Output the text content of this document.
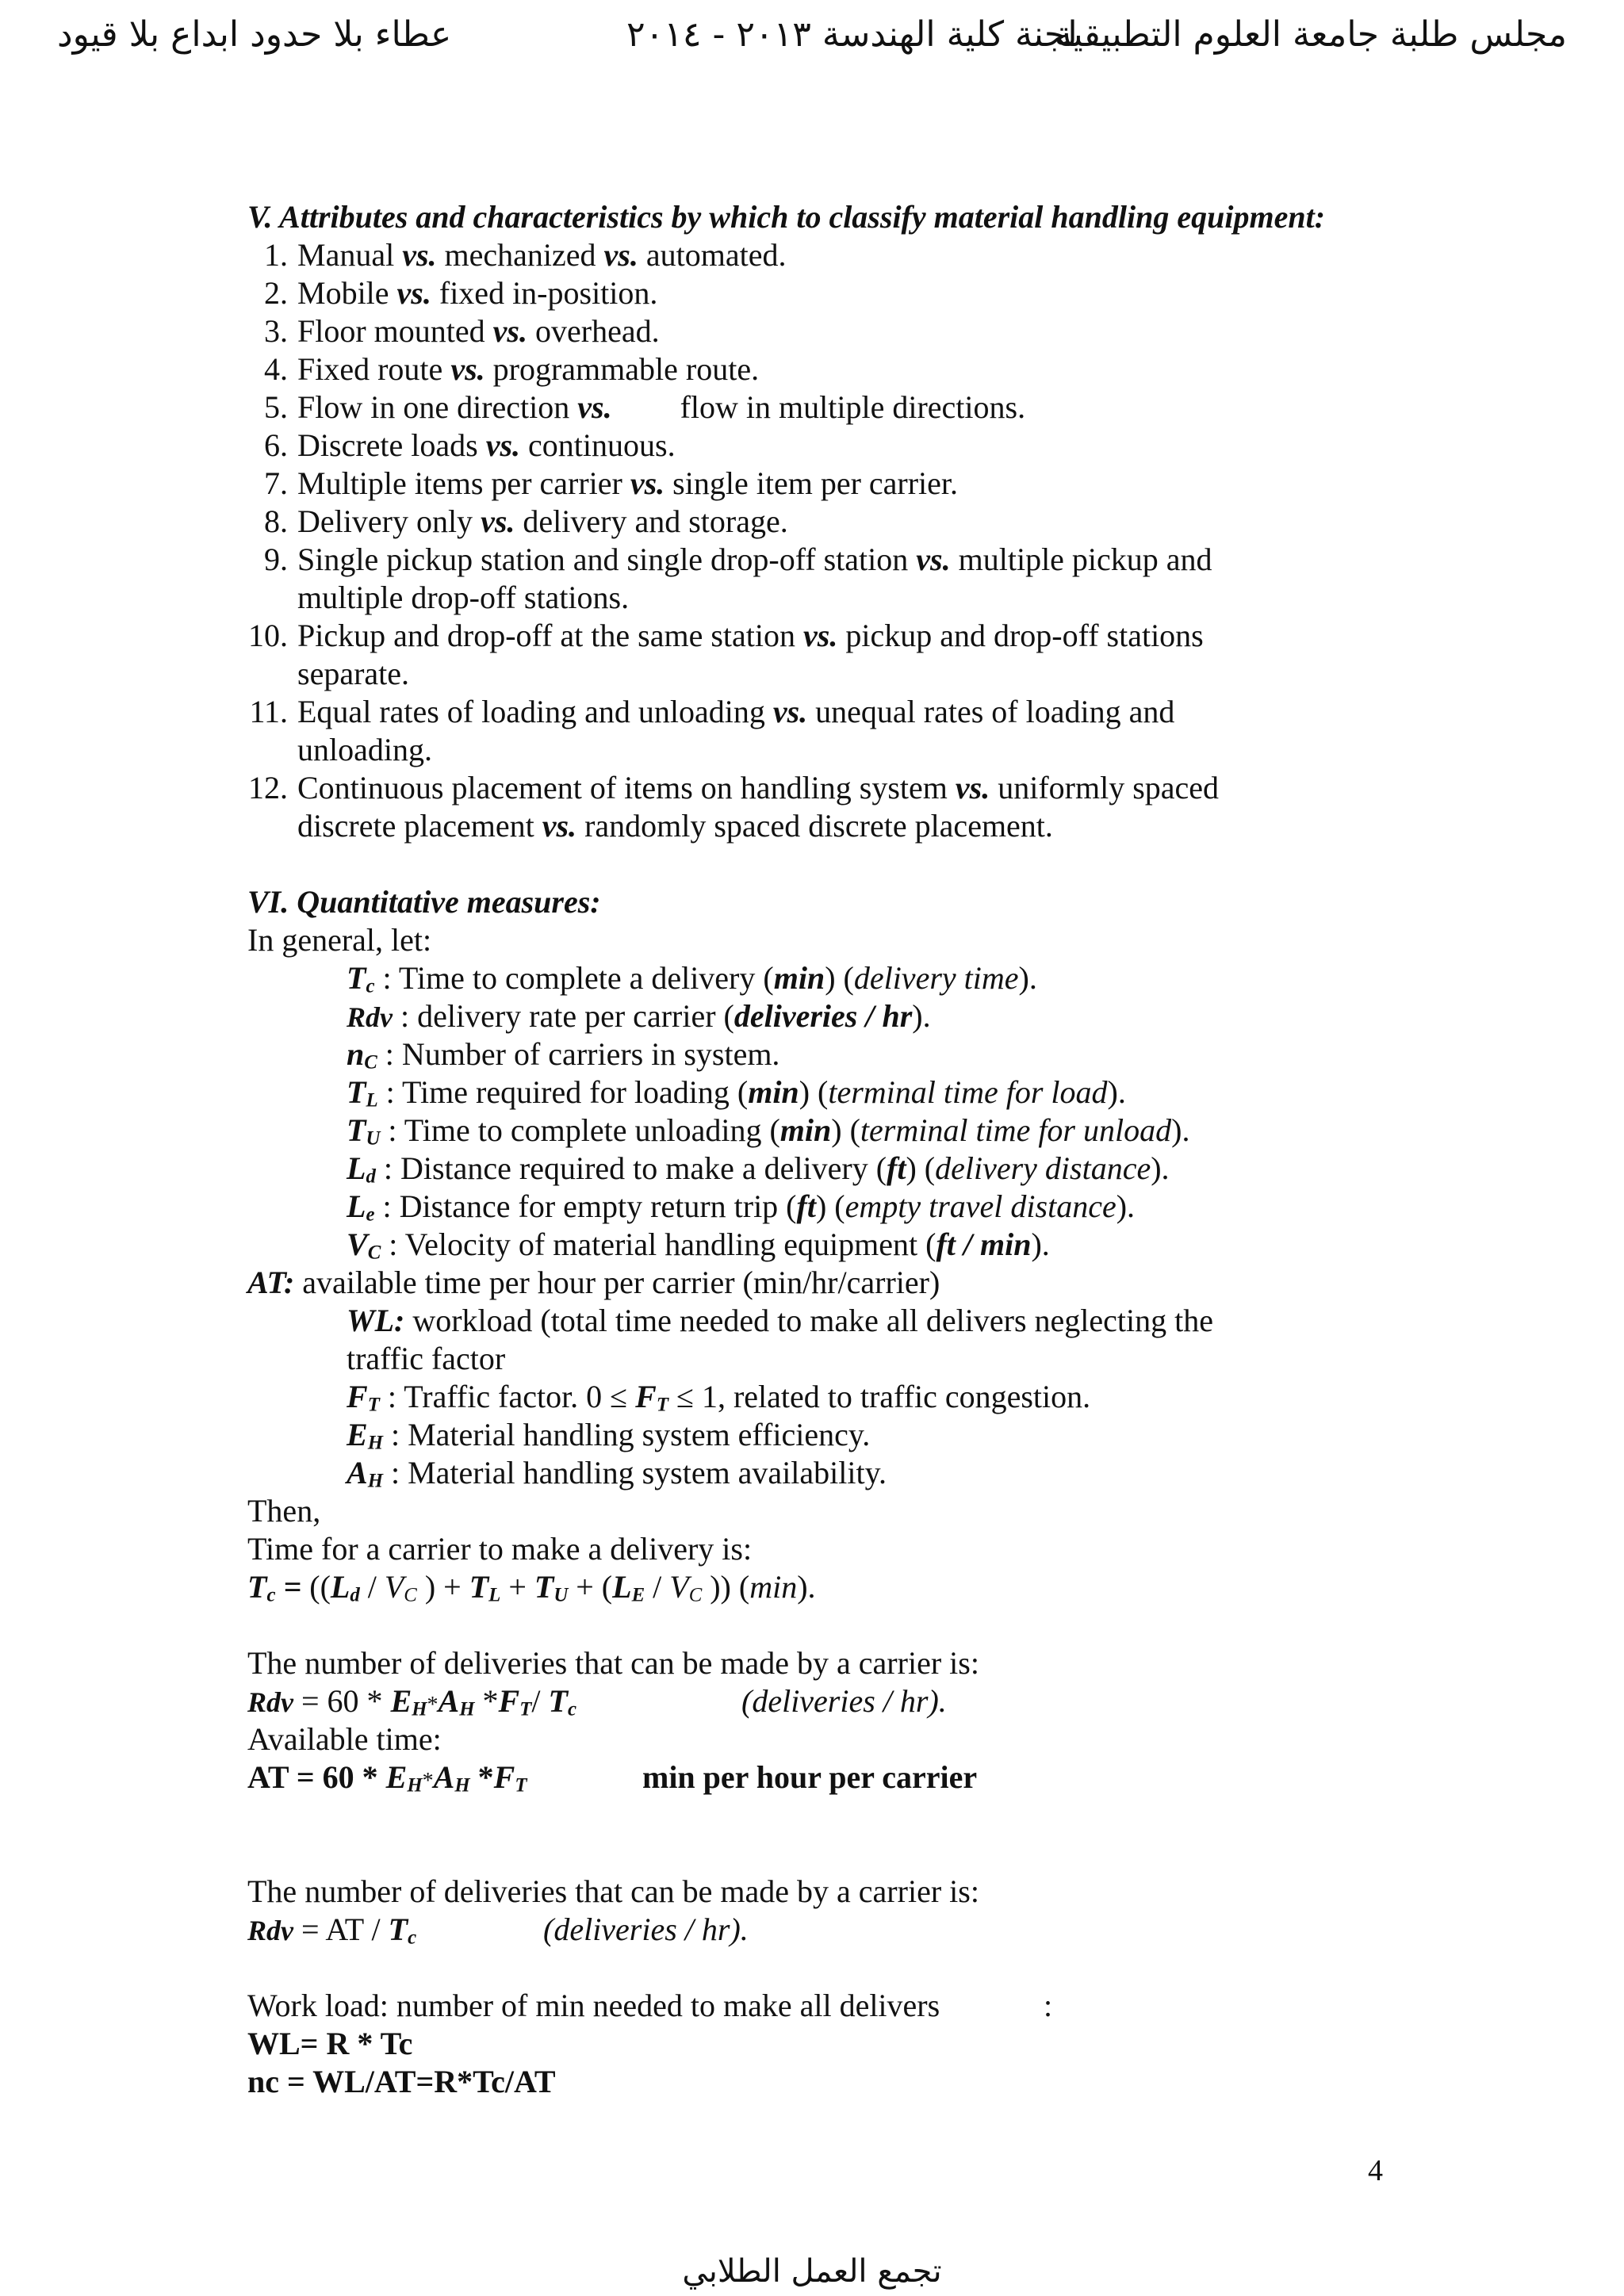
عطاء بلا حدود ابداع بلا قيود	لجنة كلية الهندسة ٢٠١٣ - ٢٠١٤
مجلس طلبة جامعة العلوم التطبيقية
V. Attributes and characteristics by which to classify material handling equipment:
1. Manual vs. mechanized vs. automated.
2. Mobile vs. fixed in-position.
3. Floor mounted vs. overhead.
4. Fixed route vs. programmable route.
5. Flow in one direction vs. flow in multiple directions.
6. Discrete loads vs. continuous.
7. Multiple items per carrier vs. single item per carrier.
8. Delivery only vs. delivery and storage.
9. Single pickup station and single drop-off station vs. multiple pickup and
multiple drop-off stations.
10. Pickup and drop-off at the same station vs. pickup and drop-off stations
separate.
11. Equal rates of loading and unloading vs. unequal rates of loading and
unloading.
12. Continuous placement of items on handling system vs. uniformly spaced
discrete placement vs. randomly spaced discrete placement.
VI. Quantitative measures:
In general, let:
$T_c$ : Time to complete a delivery (min) (delivery time).
Rdv : delivery rate per carrier (deliveries / hr).
$n_C$ : Number of carriers in system.
$T_L$ : Time required for loading (min) (terminal time for load).
$T_U$ : Time to complete unloading (min) (terminal time for unload).
$L_d$ : Distance required to make a delivery (ft) (delivery distance).
$L_e$ : Distance for empty return trip (ft) (empty travel distance).
$V_C$ : Velocity of material handling equipment (ft / min).
AT: available time per hour per carrier (min/hr/carrier)
WL: workload (total time needed to make all delivers neglecting the
traffic factor
$F_T$ : Traffic factor. $0 \le F_T \le 1$, related to traffic congestion.
$E_H$ : Material handling system efficiency.
$A_H$ : Material handling system availability.
Then,
Time for a carrier to make a delivery is:
$T_c = ((L_d / V_C$ ) + $T_L + T_U + (L_E / V_C$ )) (min).
The number of deliveries that can be made by a carrier is:
Rdv = $60 * E_H*A_H$ $*F_T/$ $T_c$	(deliveries / hr).
Available time:
AT = $60 * E_H*A_H$ $*F_T$	min per hour per carrier
The number of deliveries that can be made by a carrier is:
Rdv = AT / $T_c$	(deliveries / hr).
Work load: number of min needed to make all delivers	:
WL= R * Tc
nc = WL/AT=R*Tc/AT
4
تجمع العمل الطلابي
